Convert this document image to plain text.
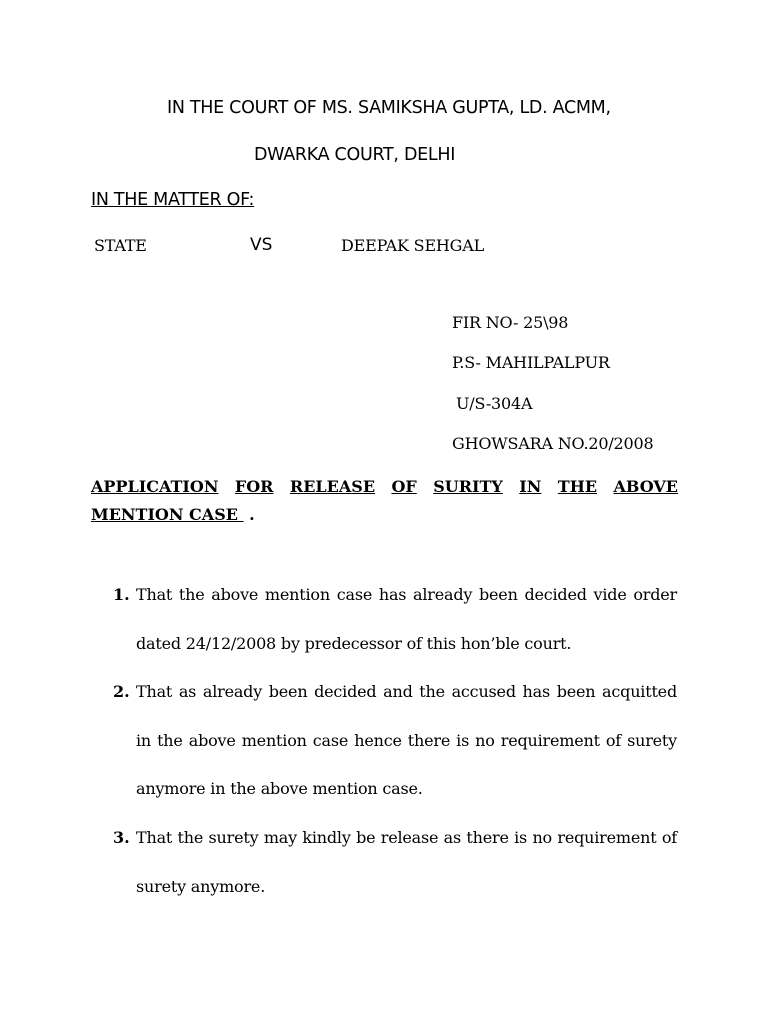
IN THE COURT OF MS. SAMIKSHA GUPTA, LD. ACMM,
DWARKA COURT, DELHI
IN THE MATTER OF:
STATE	VS	DEEPAK SEHGAL
FIR NO- 25\98
P.S- MAHILPALPUR
U/S-304A
GHOWSARA NO.20/2008
APPLICATION FOR RELEASE OF SURITY IN THE ABOVE
MENTION CASE  .
1. That the above mention case has already been decided vide order dated 24/12/2008 by predecessor of this hon’ble court.
2. That as already been decided and the accused has been acquitted in the above mention case hence there is no requirement of surety anymore in the above mention case.
3. That the surety may kindly be release as there is no requirement of surety anymore.
